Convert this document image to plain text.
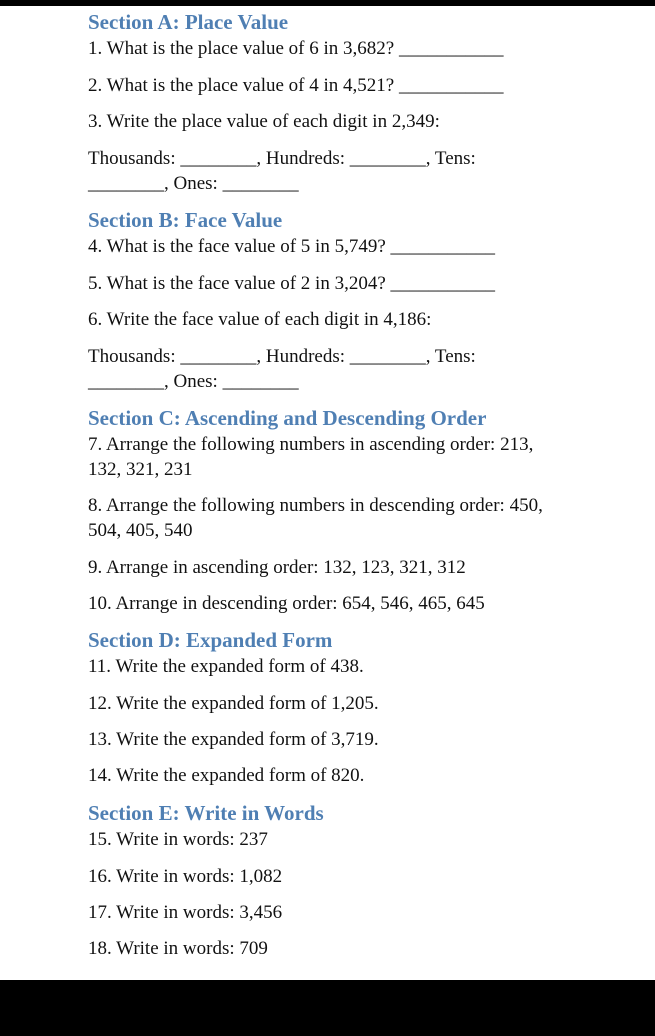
Section A: Place Value
1. What is the place value of 6 in 3,682? ___________
2. What is the place value of 4 in 4,521? ___________
3. Write the place value of each digit in 2,349:
Thousands: ________, Hundreds: ________, Tens:
________, Ones: ________
Section B: Face Value
4. What is the face value of 5 in 5,749? ___________
5. What is the face value of 2 in 3,204? ___________
6. Write the face value of each digit in 4,186:
Thousands: ________, Hundreds: ________, Tens:
________, Ones: ________
Section C: Ascending and Descending Order
7. Arrange the following numbers in ascending order: 213,
132, 321, 231
8. Arrange the following numbers in descending order: 450,
504, 405, 540
9. Arrange in ascending order: 132, 123, 321, 312
10. Arrange in descending order: 654, 546, 465, 645
Section D: Expanded Form
11. Write the expanded form of 438.
12. Write the expanded form of 1,205.
13. Write the expanded form of 3,719.
14. Write the expanded form of 820.
Section E: Write in Words
15. Write in words: 237
16. Write in words: 1,082
17. Write in words: 3,456
18. Write in words: 709
